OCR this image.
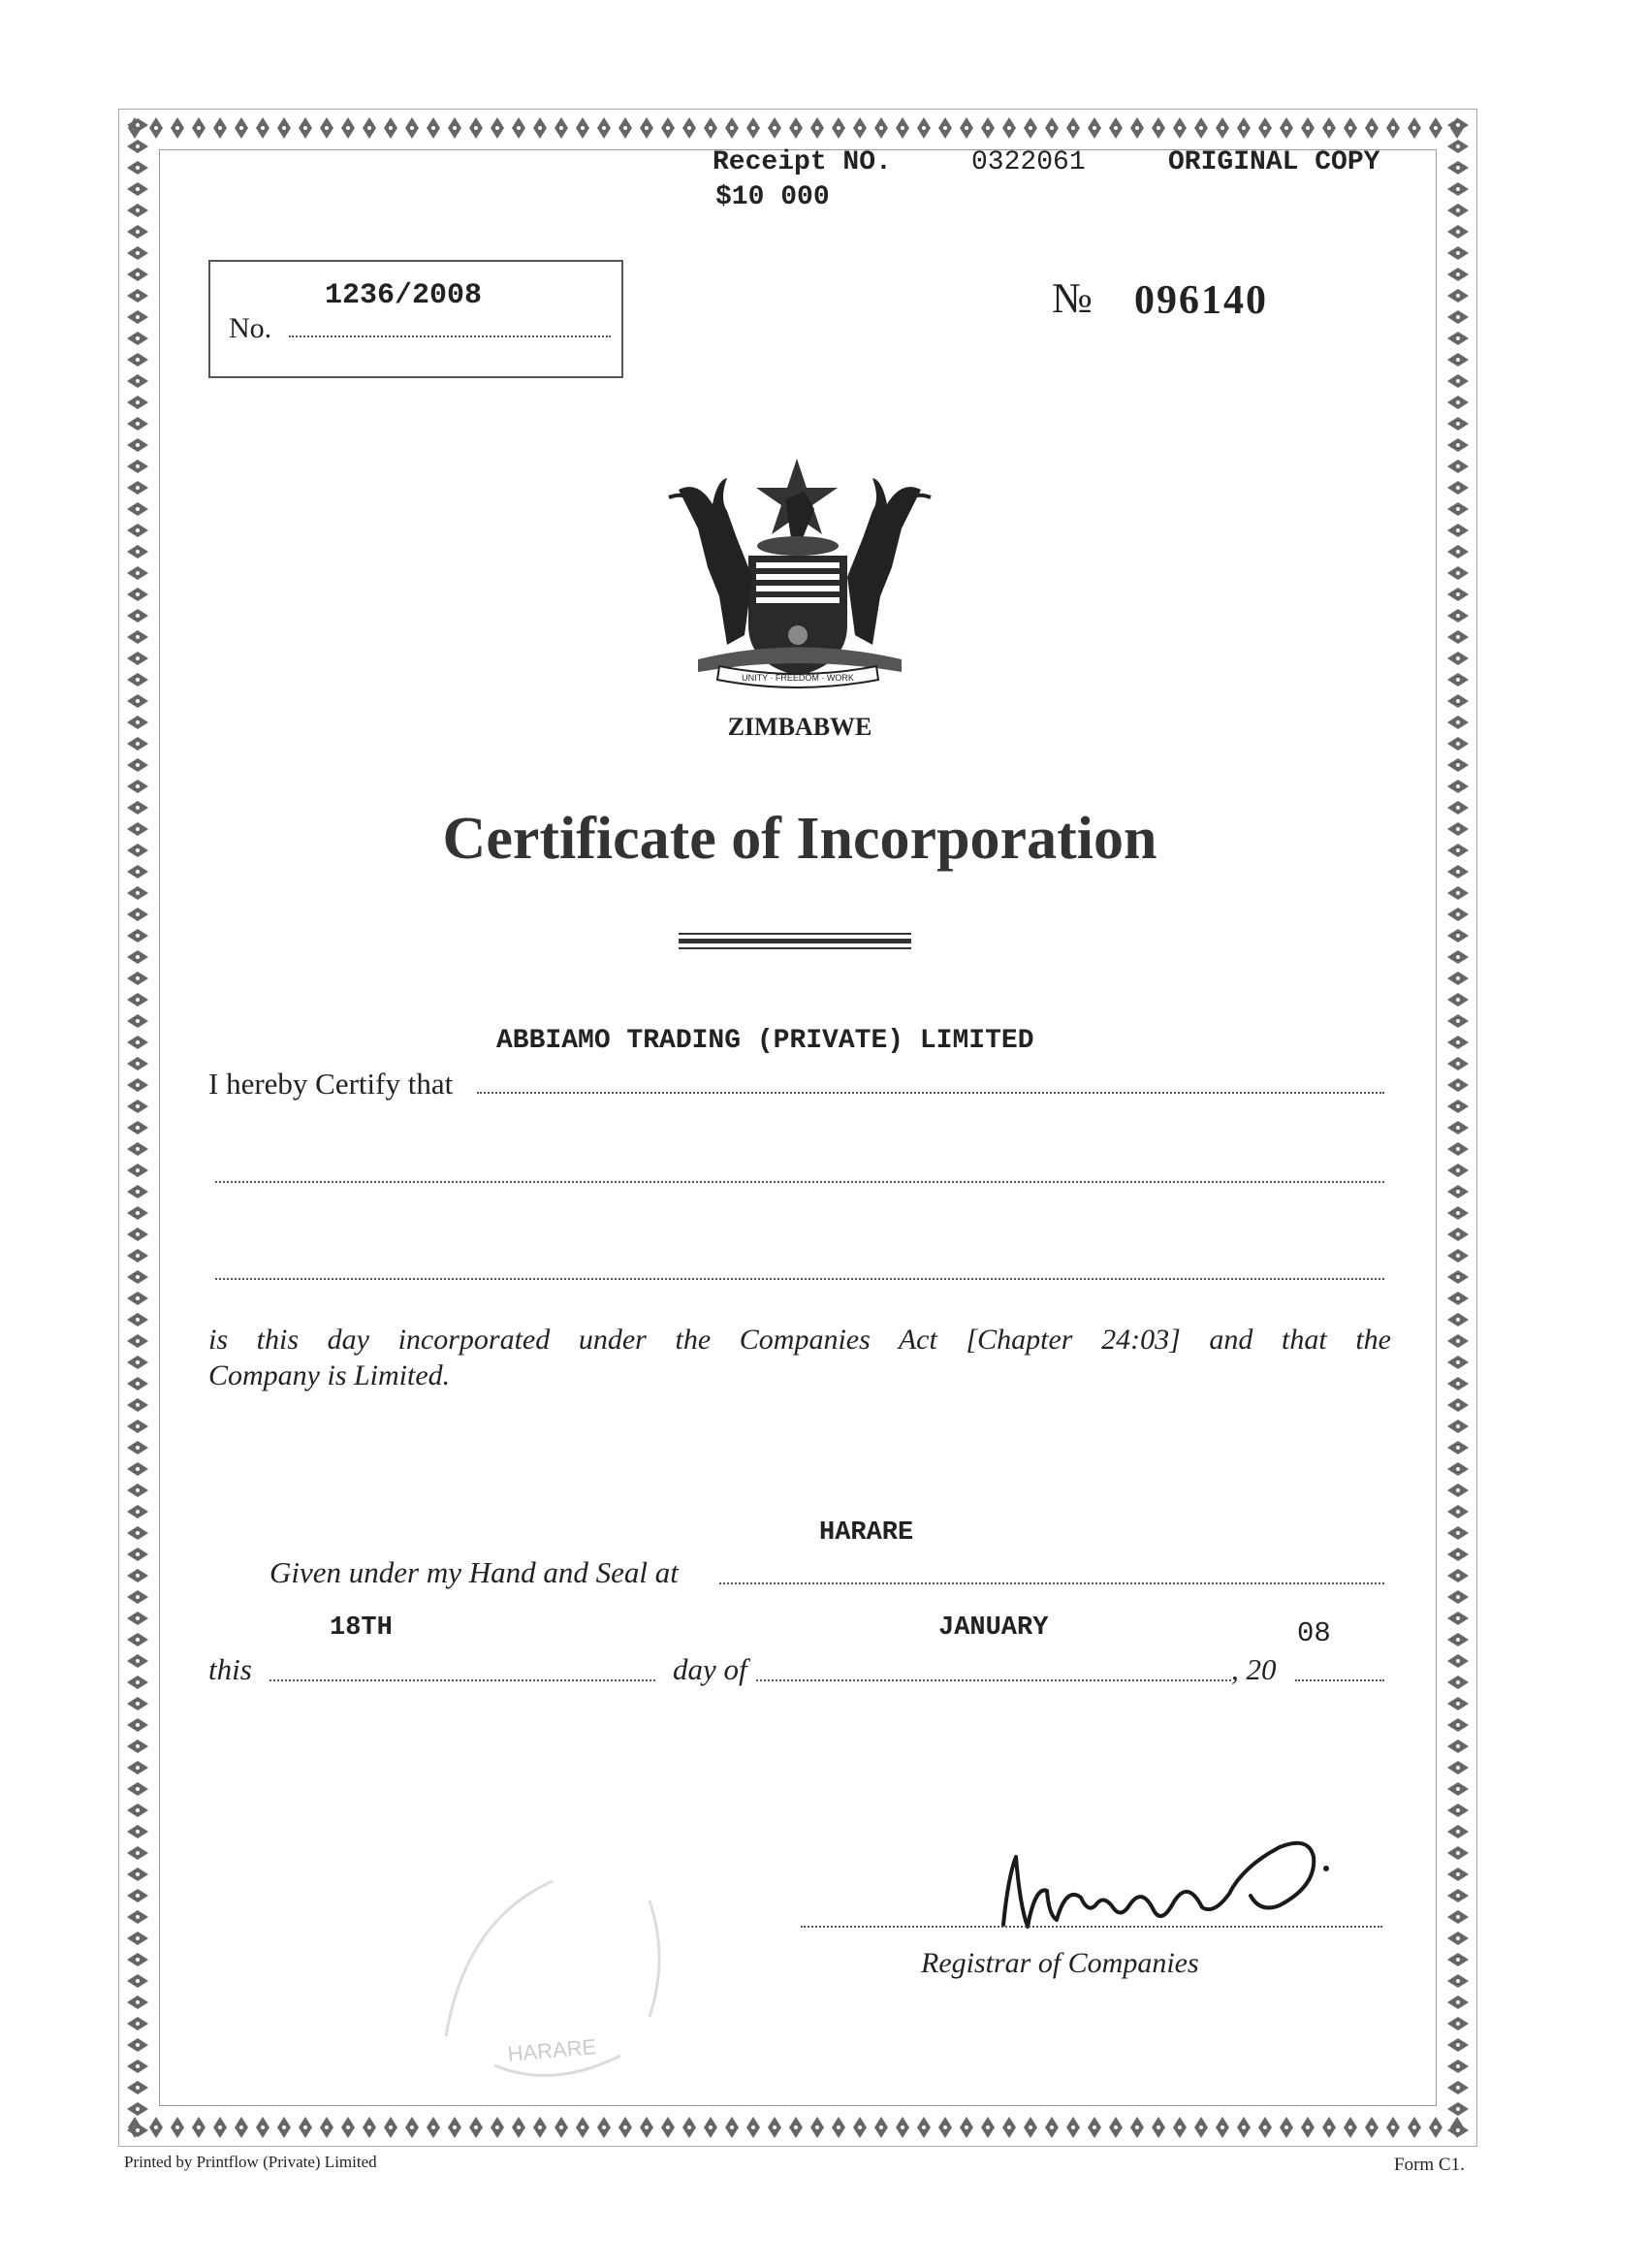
Receipt NO.	0322061	ORIGINAL COPY
$10 000
1236/2008
No.
№ 096140
UNITY · FREEDOM · WORK
ZIMBABWE
Certificate of Incorporation
ABBIAMO TRADING (PRIVATE) LIMITED
I hereby Certify that
is this day incorporated under the Companies Act [Chapter 24:03] and that the
Company is Limited.
HARARE
Given under my Hand and Seal at
18TH	JANUARY	08
this	day of	, 20
HARARE
Registrar of Companies
Printed by Printflow (Private) Limited	Form C1.
